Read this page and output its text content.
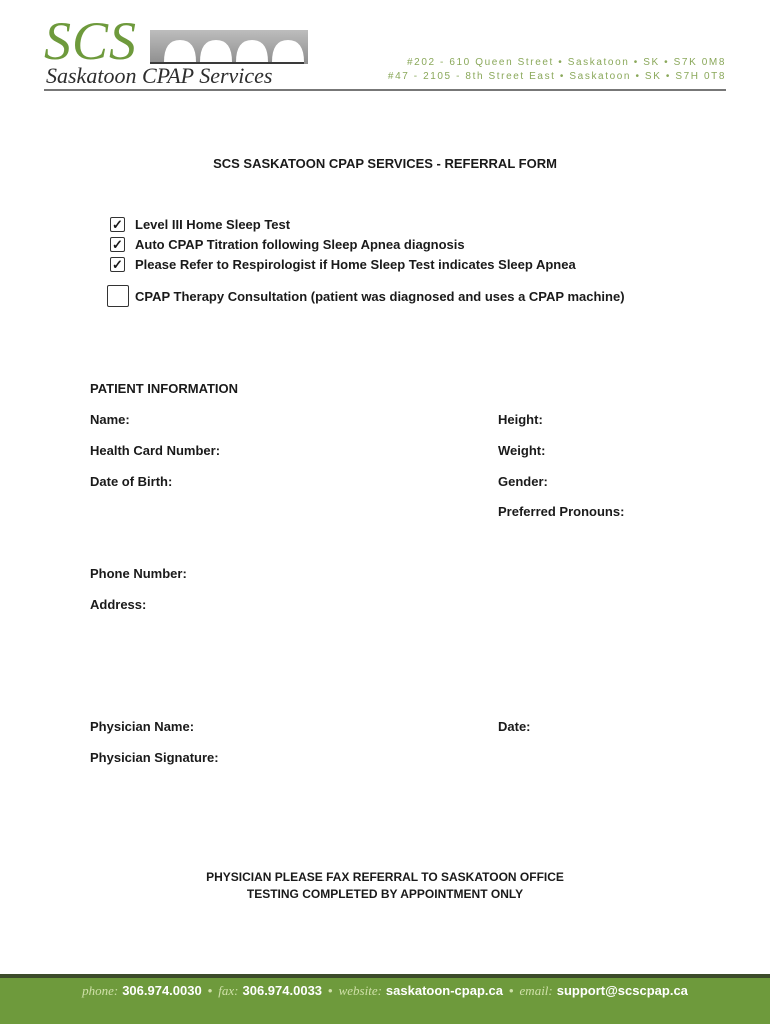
SCS
Saskatoon CPAP Services
#202 - 610 Queen Street • Saskatoon • SK • S7K 0M8
#47 - 2105 - 8th Street East • Saskatoon • SK • S7H 0T8
SCS SASKATOON CPAP SERVICES - REFERRAL FORM
✓ Level III Home Sleep Test
✓ Auto CPAP Titration following Sleep Apnea diagnosis
✓ Please Refer to Respirologist if Home Sleep Test indicates Sleep Apnea
CPAP Therapy Consultation (patient was diagnosed and uses a CPAP machine)
PATIENT INFORMATION
Name:	Height:
Health Card Number:	Weight:
Date of Birth:	Gender:
Preferred Pronouns:
Phone Number:
Address:
Physician Name:	Date:
Physician Signature:
PHYSICIAN PLEASE FAX REFERRAL TO SASKATOON OFFICE
TESTING COMPLETED BY APPOINTMENT ONLY
phone: 306.974.0030 • fax: 306.974.0033 • website: saskatoon-cpap.ca • email: support@scscpap.ca
